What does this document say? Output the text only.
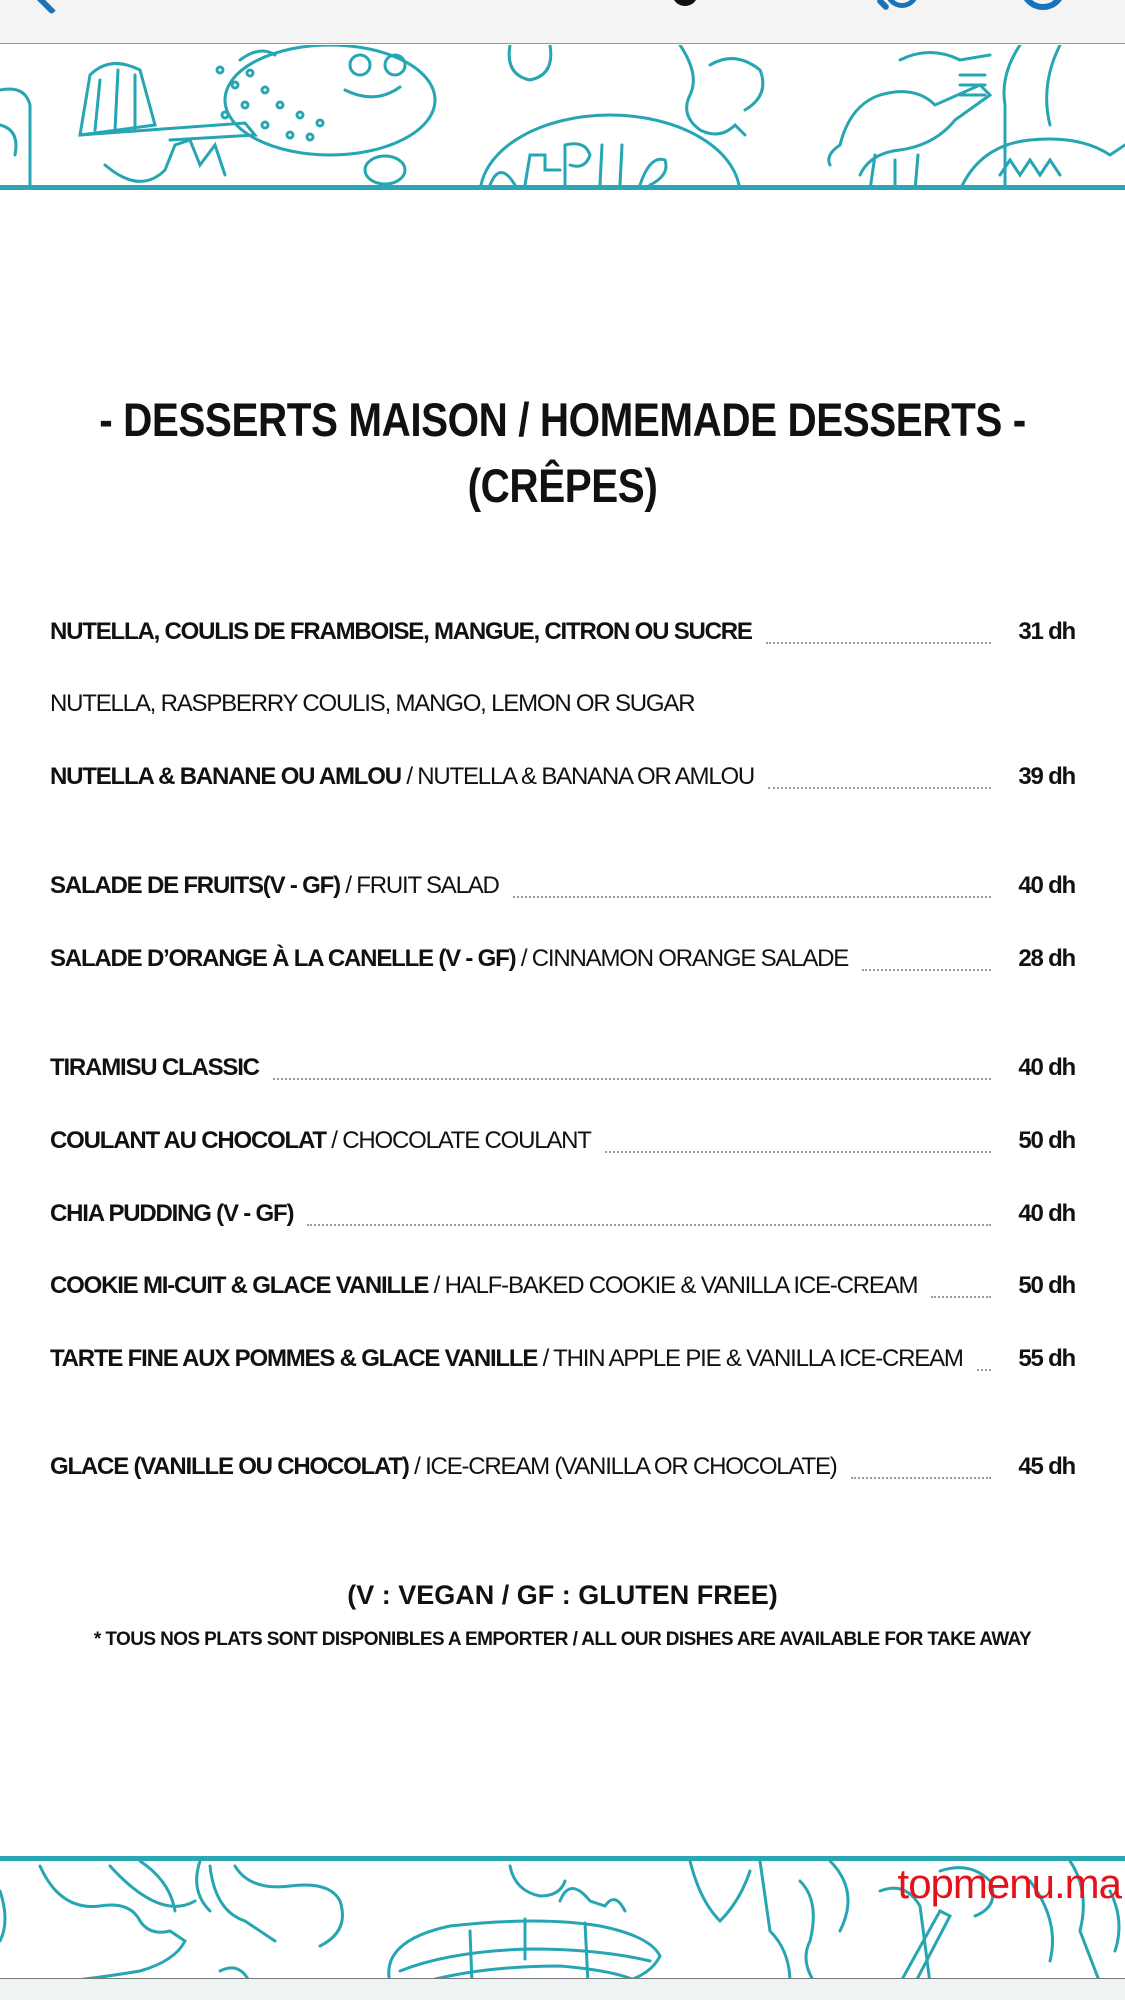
- DESSERTS MAISON / HOMEMADE DESSERTS -
(CRÊPES)
NUTELLA, COULIS DE FRAMBOISE, MANGUE, CITRON OU SUCRE	31 dh
NUTELLA, RASPBERRY COULIS, MANGO, LEMON OR SUGAR
NUTELLA & BANANE OU AMLOU / NUTELLA & BANANA OR AMLOU	39 dh
SALADE DE FRUITS(V - GF) / FRUIT SALAD	40 dh
SALADE D’ORANGE À LA CANELLE (V - GF) / CINNAMON ORANGE SALADE	28 dh
TIRAMISU CLASSIC	40 dh
COULANT AU CHOCOLAT / CHOCOLATE COULANT	50 dh
CHIA PUDDING (V - GF)	40 dh
COOKIE MI-CUIT & GLACE VANILLE / HALF-BAKED COOKIE & VANILLA ICE-CREAM	50 dh
TARTE FINE AUX POMMES & GLACE VANILLE / THIN APPLE PIE & VANILLA ICE-CREAM 55 dh
GLACE (VANILLE OU CHOCOLAT) / ICE-CREAM (VANILLA OR CHOCOLATE)	45 dh
(V : VEGAN / GF : GLUTEN FREE)
* TOUS NOS PLATS SONT DISPONIBLES A EMPORTER / ALL OUR DISHES ARE AVAILABLE FOR TAKE AWAY
topmenu.ma
